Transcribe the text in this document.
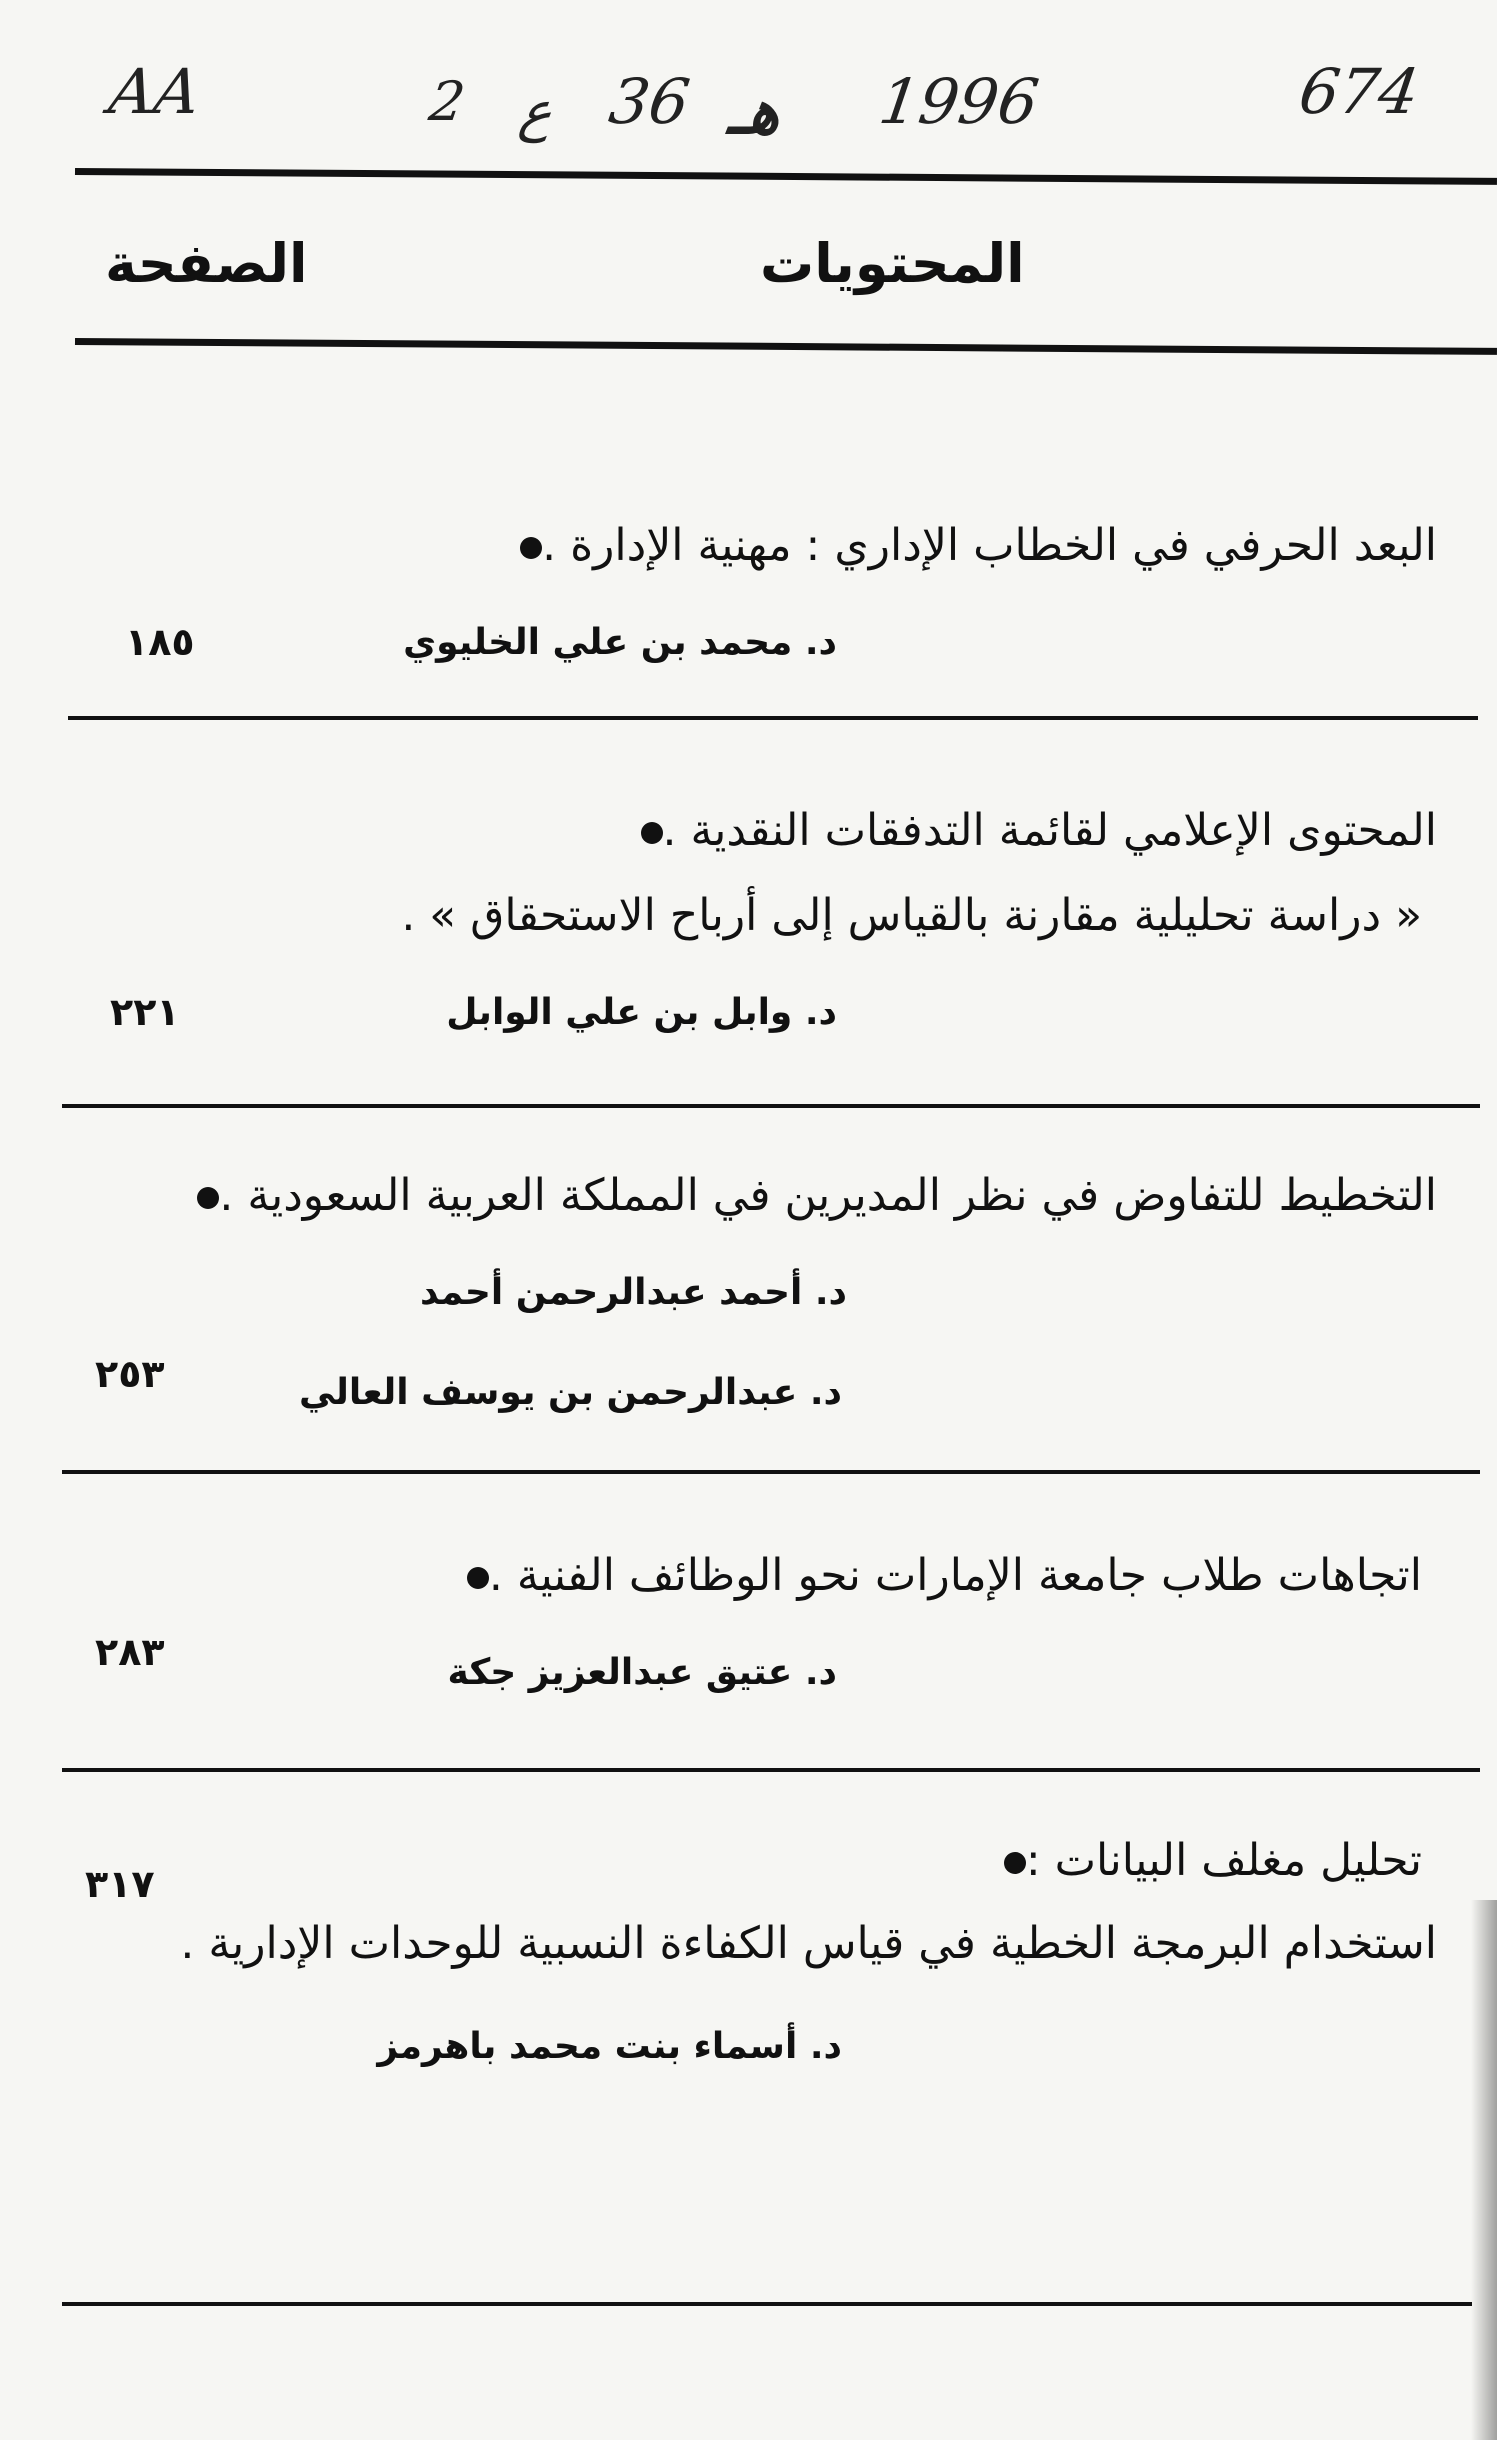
AA	2 ع 36 هـ 1996	674
المحتويات
الصفحة
البعد الحرفي في الخطاب الإداري : مهنية الإدارة .
د. محمد بن علي الخليوي
١٨٥
المحتوى الإعلامي لقائمة التدفقات النقدية .
« دراسة تحليلية مقارنة بالقياس إلى أرباح الاستحقاق » .
د. وابل بن علي الوابل
٢٢١
التخطيط للتفاوض في نظر المديرين في المملكة العربية السعودية .
د. أحمد عبدالرحمن أحمد
د. عبدالرحمن بن يوسف العالي
٢٥٣
اتجاهات طلاب جامعة الإمارات نحو الوظائف الفنية .
د. عتيق عبدالعزيز جكة
٢٨٣
تحليل مغلف البيانات :
استخدام البرمجة الخطية في قياس الكفاءة النسبية للوحدات الإدارية .
د. أسماء بنت محمد باهرمز
٣١٧
